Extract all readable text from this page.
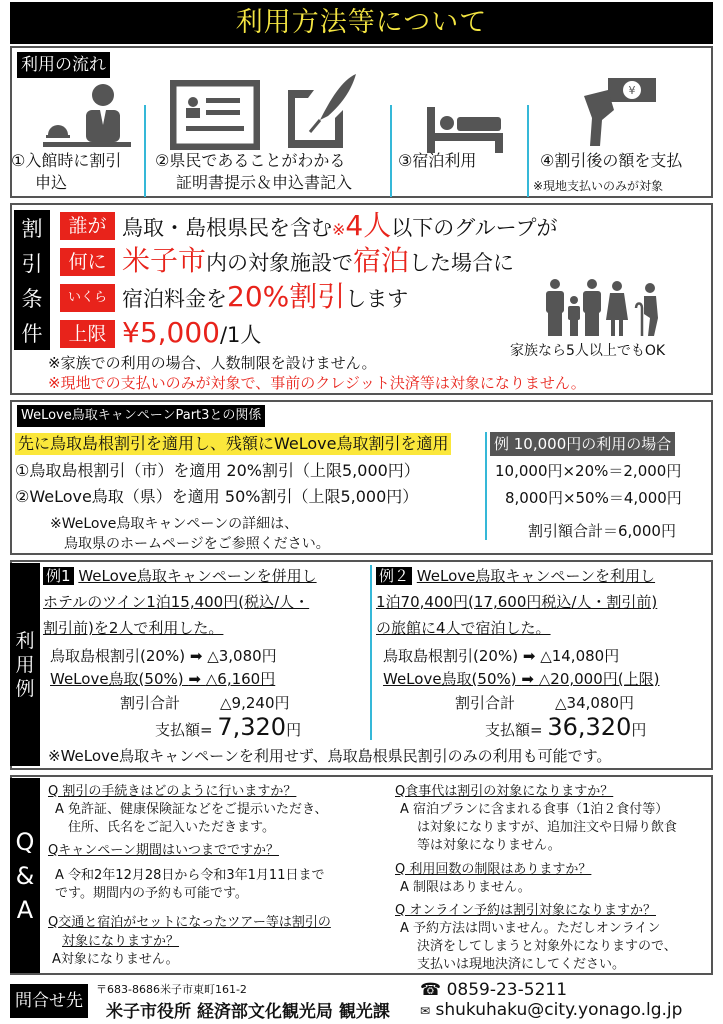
利用方法等について
利用の流れ
¥
①入館時に割引
申込
②県民であることがわかる
証明書提示＆申込書記入
③宿泊利用	④割引後の額を支払
※現地支払いのみが対象
割
引
条
件
誰が 鳥取・島根県民を含む※4人以下のグループが
何に 米子市内の対象施設で宿泊した場合に
いくら 宿泊料金を20%割引します
上限 ¥5,000/1人
家族なら5人以上でもOK
※家族での利用の場合、人数制限を設けません。
※現地での支払いのみが対象で、事前のクレジット決済等は対象になりません。
WeLove鳥取キャンペーンPart3との関係
先に鳥取島根割引を適用し、残額にWeLove鳥取割引を適用
①鳥取島根割引（市）を適用 20%割引（上限5,000円）
②WeLove鳥取（県）を適用 50%割引（上限5,000円）
※WeLove鳥取キャンペーンの詳細は、
鳥取県のホームページをご参照ください。
例 10,000円の利用の場合
10,000円×20%＝2,000円
8,000円×50%＝4,000円
割引額合計＝6,000円
利
用
例
例1 WeLove鳥取キャンペーンを併用し
ホテルのツイン1泊15,400円(税込/人・
割引前)を2人で利用した。
鳥取島根割引(20%) ➡ △3,080円
WeLove鳥取(50%) ➡ △6,160円
割引合計	△9,240円
支払額= 7,320円
例２ WeLove鳥取キャンペーンを利用し
1泊70,400円(17,600円税込/人・割引前)
の旅館に4人で宿泊した。
鳥取島根割引(20%) ➡ △14,080円
WeLove鳥取(50%) ➡ △20,000円(上限)
割引合計	△34,080円
支払額= 36,320円
※WeLove鳥取キャンペーンを利用せず、鳥取島根県民割引のみの利用も可能です。
Q
&
A
Q 割引の手続きはどのように行いますか？
A 免許証、健康保険証などをご提示いただき、
　住所、氏名をご記入いただきます。
Qキャンペーン期間はいつまでですか？
A 令和2年12月28日から令和3年1月11日まで
です。期間内の予約も可能です。
Q交通と宿泊がセットになったツアー等は割引の
対象になりますか？
A対象になりません。
Q食事代は割引の対象になりますか？
A 宿泊プランに含まれる食事（1泊２食付等）
は対象になりますが、追加注文や日帰り飲食
等は対象になりません。
Q 利用回数の制限はありますか？
A 制限はありません。
Q オンライン予約は割引対象になりますか？
A 予約方法は問いません。ただしオンライン
決済をしてしまうと対象外になりますので、
支払いは現地決済にしてください。
問合せ先
〒683-8686米子市東町161-2
米子市役所 経済部文化観光局 観光課
☎ 0859-23-5211
✉ shukuhaku@city.yonago.lg.jp
